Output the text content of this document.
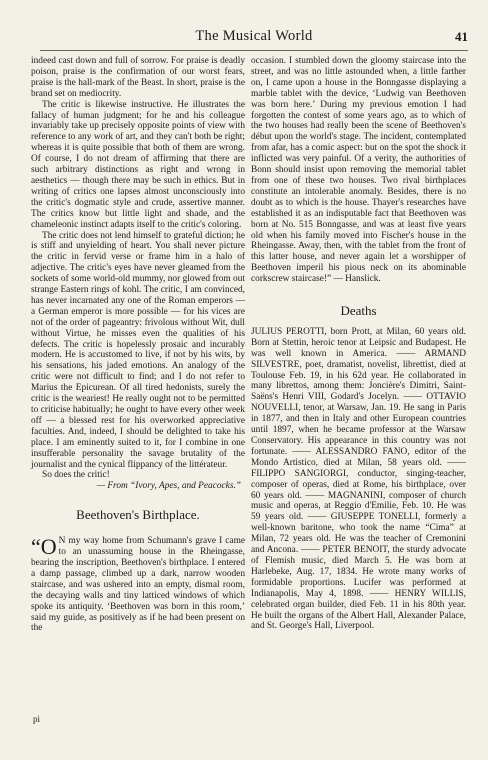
The Musical World	41

indeed cast down and full of sorrow. For praise is deadly poison, praise is the confirmation of our worst fears, praise is the hall-mark of the Beast. In short, praise is the brand set on mediocrity.

The critic is likewise instructive. He illustrates the fallacy of human judgment; for he and his colleague invariably take up precisely opposite points of view with reference to any work of art, and they can't both be right; whereas it is quite possible that both of them are wrong. Of course, I do not dream of affirming that there are such arbitrary distinctions as right and wrong in aesthetics — though there may be such in ethics. But in writing of critics one lapses almost unconsciously into the critic's dogmatic style and crude, assertive manner. The critics know but little light and shade, and the chameleonic instinct adapts itself to the critic's coloring.

The critic does not lend himself to grateful diction; he is stiff and unyielding of heart. You shall never picture the critic in fervid verse or frame him in a halo of adjective. The critic's eyes have never gleamed from the sockets of some world-old mummy, nor glowed from out strange Eastern rings of kohl. The critic, I am convinced, has never incarnated any one of the Roman emperors — a German emperor is more possible — for his vices are not of the order of pageantry: frivolous without Wit, dull without Virtue, he misses even the qualities of his defects. The critic is hopelessly prosaic and incurably modern. He is accustomed to live, if not by his wits, by his sensations, his jaded emotions. An analogy of the critic were not difficult to find; and I do not refer to Marius the Epicurean. Of all tired hedonists, surely the critic is the weariest! He really ought not to be permitted to criticise habitually; he ought to have every other week off — a blessed rest for his overworked appreciative faculties. And, indeed, I should be delighted to take his place. I am eminently suited to it, for I combine in one insufferable personality the savage brutality of the journalist and the cynical flippancy of the littérateur.

So does the critic!

— From “Ivory, Apes, and Peacocks.”

Beethoven's Birthplace.

“O N my way home from Schumann's grave I came to an unassuming house in the Rheingasse, bearing the inscription, Beethoven's birthplace. I entered a damp passage, climbed up a dark, narrow wooden staircase, and was ushered into an empty, dismal room, the decaying walls and tiny latticed windows of which spoke its antiquity. ‘Beethoven was born in this room,’ said my guide, as positively as if he had been present on the

pi

occasion. I stumbled down the gloomy staircase into the street, and was no little astounded when, a little farther on, I came upon a house in the Bonngasse displaying a marble tablet with the device, ‘Ludwig van Beethoven was born here.’ During my previous emotion I had forgotten the contest of some years ago, as to which of the two houses had really been the scene of Beethoven's début upon the world's stage. The incident, contemplated from afar, has a comic aspect: but on the spot the shock it inflicted was very painful. Of a verity, the authorities of Bonn should insist upon removing the memorial tablet from one of these two houses. Two rival birthplaces constitute an intolerable anomaly. Besides, there is no doubt as to which is the house. Thayer's researches have established it as an indisputable fact that Beethoven was born at No. 515 Bonngasse, and was at least five years old when his family moved into Fischer's house in the Rheingasse. Away, then, with the tablet from the front of this latter house, and never again let a worshipper of Beethoven imperil his pious neck on its abominable corkscrew staircase!” — Hanslick.

Deaths

JULIUS PEROTTI, born Prott, at Milan, 60 years old. Born at Stettin, heroic tenor at Leipsic and Budapest. He was well known in America. —— ARMAND SILVESTRE, poet, dramatist, novelist, librettist, died at Toulouse Feb. 19, in his 62d year. He collaborated in many librettos, among them: Joncière's Dimitri, Saint-Saëns's Henri VIII, Godard's Jocelyn. —— OTTAVIO NOUVELLI, tenor, at Warsaw, Jan. 19. He sang in Paris in 1877, and then in Italy and other European countries until 1897, when he became professor at the Warsaw Conservatory. His appearance in this country was not fortunate. —— ALESSANDRO FANO, editor of the Mondo Artistico, died at Milan, 58 years old. —— FILIPPO SANGIORGI, conductor, singing-teacher, composer of operas, died at Rome, his birthplace, over 60 years old. —— MAGNANINI, composer of church music and operas, at Reggio d'Emilie, Feb. 10. He was 59 years old. —— GIUSEPPE TONELLI, formerly a well-known baritone, who took the name “Cima” at Milan, 72 years old. He was the teacher of Cremonini and Ancona. —— PETER BENOIT, the sturdy advocate of Flemish music, died March 5. He was born at Harlebeke, Aug. 17, 1834. He wrote many works of formidable proportions. Lucifer was performed at Indianapolis, May 4, 1898. —— HENRY WILLIS, celebrated organ builder, died Feb. 11 in his 80th year. He built the organs of the Albert Hall, Alexander Palace, and St. George's Hall, Liverpool.
